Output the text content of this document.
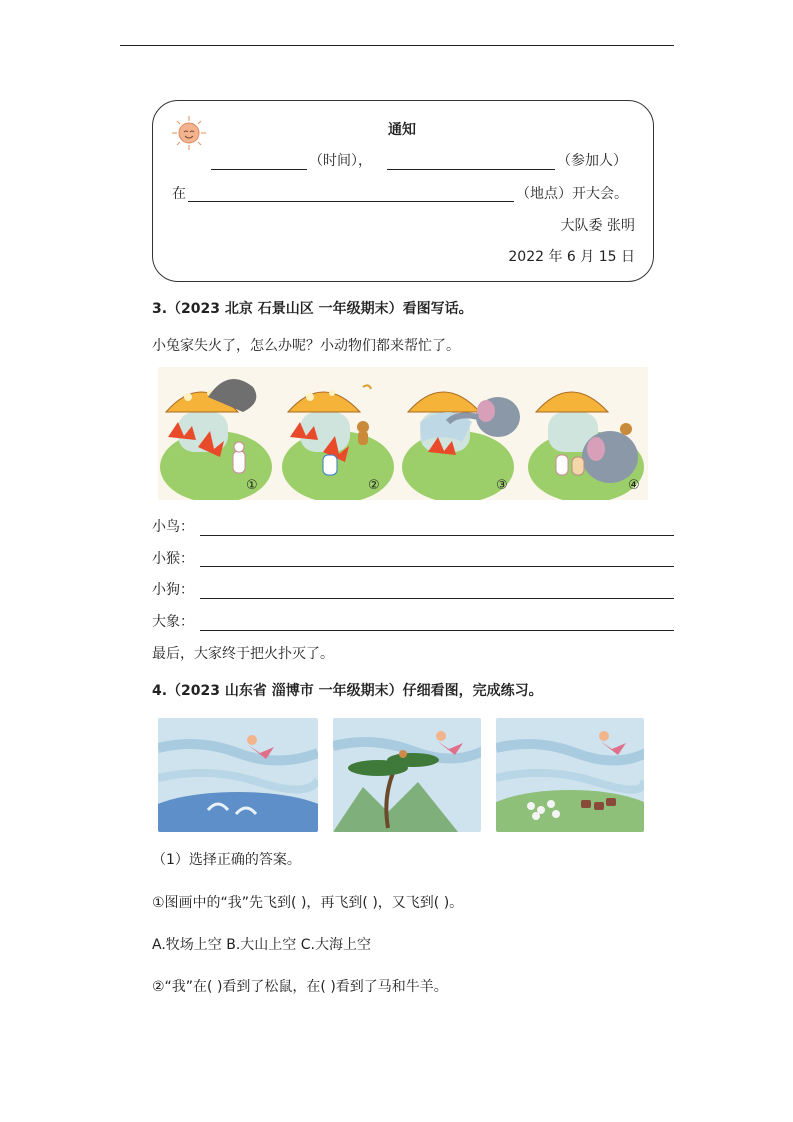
通知
（时间），	（参加人）
在	（地点）开大会。
大队委 张明
2022 年 6 月 15 日
3.（2023 北京 石景山区 一年级期末）看图写话。
小兔家失火了，怎么办呢？小动物们都来帮忙了。
①	②	③	④
小鸟：
小猴：
小狗：
大象：
最后，大家终于把火扑灭了。
4.（2023 山东省 淄博市 一年级期末）仔细看图，完成练习。
（1）选择正确的答案。
①图画中的“我”先飞到( )，再飞到( )，又飞到( )。
A.牧场上空 B.大山上空 C.大海上空
②“我”在( )看到了松鼠，在( )看到了马和牛羊。
